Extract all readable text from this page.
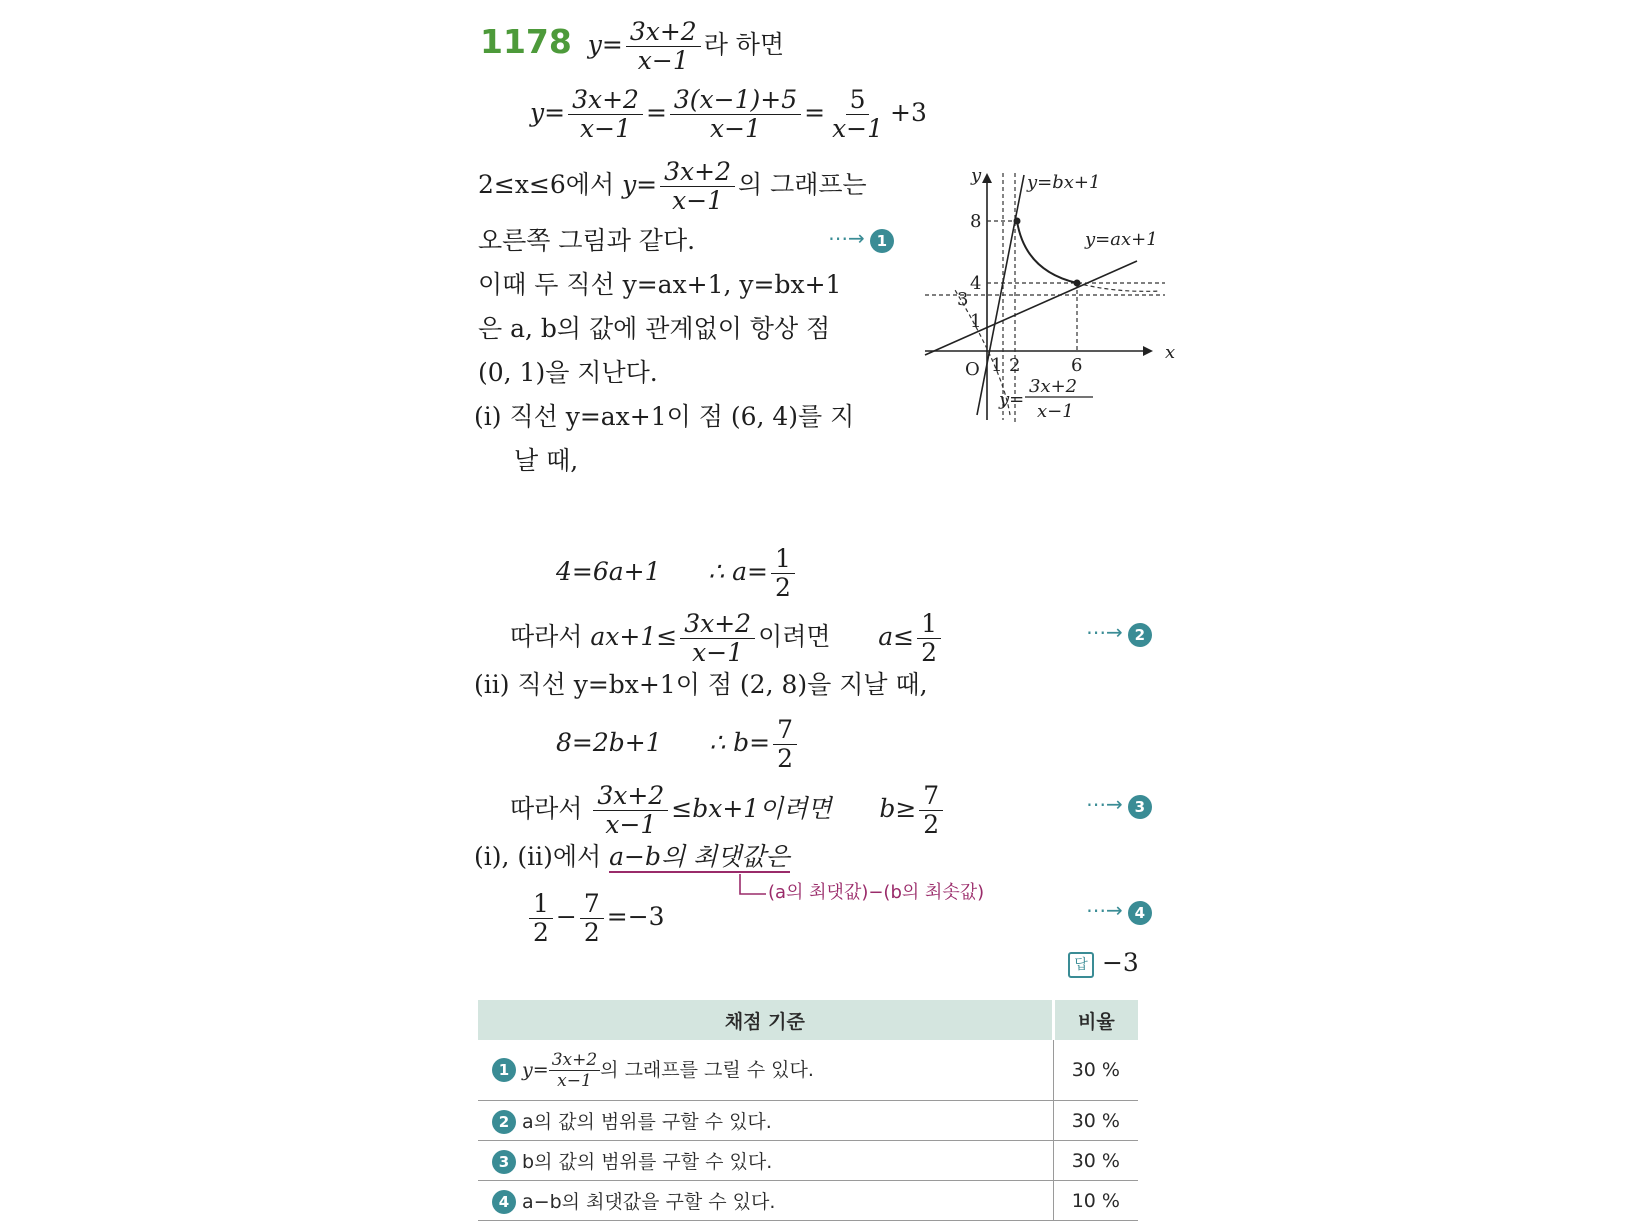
1178  $y= \frac{3x+2}{x-1}$ 라 하면
$y= \frac{3x+2}{x-1} = \frac{3(x-1)+5}{x-1} = \frac{5}{x-1} +3$
2≤x≤6에서 $y= \frac{3x+2}{x-1}$ 의 그래프는
오른쪽 그림과 같다.	⋯→ 1
이때 두 직선 y=ax+1, y=bx+1
은 a, b의 값에 관계없이 항상 점
(0, 1)을 지난다.
(ⅰ) 직선 y=ax+1이 점 (6, 4)를 지
날 때,
y
x
O
y=bx+1
y=ax+1
8
4
3
1
1 2	6
y=
3x+2
x−1
4=6a+1 ∴ $a= \frac{1}{2}$
따라서 $ax+1\le \frac{3x+2}{x-1}$ 이려면 $a\le \frac{1}{2}$	⋯→ 2
(ⅱ) 직선 y=bx+1이 점 (2, 8)을 지날 때,
8=2b+1 ∴ $b= \frac{7}{2}$
따라서 $\frac{3x+2}{x-1} \le bx+1$이려면 $b\ge \frac{7}{2}$	⋯→ 3
(ⅰ), (ⅱ)에서 a−b의 최댓값은
(a의 최댓값)−(b의 최솟값)
$\frac{1}{2} - \frac{7}{2} =-3$	⋯→ 4
답 −3
채점 기준	비율
1 $y= \frac{3x+2}{x-1}$ 의 그래프를 그릴 수 있다.	30 %
2 a의 값의 범위를 구할 수 있다.	30 %
3 b의 값의 범위를 구할 수 있다.	30 %
4 a−b의 최댓값을 구할 수 있다.	10 %
